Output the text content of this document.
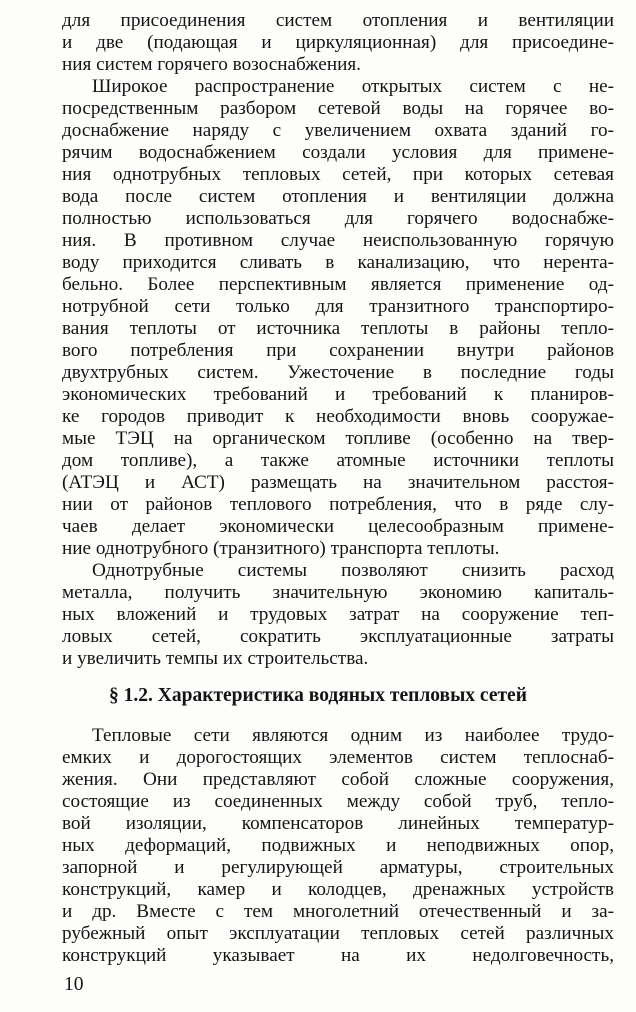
для присоединения систем отопления и вентиляции
и две (подающая и циркуляционная) для присоедине-
ния систем горячего возоснабжения.
Широкое распространение открытых систем с не-
посредственным разбором сетевой воды на горячее во-
доснабжение наряду с увеличением охвата зданий го-
рячим водоснабжением создали условия для примене-
ния однотрубных тепловых сетей, при которых сетевая
вода после систем отопления и вентиляции должна
полностью использоваться для горячего водоснабже-
ния. В противном случае неиспользованную горячую
воду приходится сливать в канализацию, что нерента-
бельно. Более перспективным является применение од-
нотрубной сети только для транзитного транспортиро-
вания теплоты от источника теплоты в районы тепло-
вого потребления при сохранении внутри районов
двухтрубных систем. Ужесточение в последние годы
экономических требований и требований к планиров-
ке городов приводит к необходимости вновь сооружае-
мые ТЭЦ на органическом топливе (особенно на твер-
дом топливе), а также атомные источники теплоты
(АТЭЦ и АСТ) размещать на значительном расстоя-
нии от районов теплового потребления, что в ряде слу-
чаев делает экономически целесообразным примене-
ние однотрубного (транзитного) транспорта теплоты.
Однотрубные системы позволяют снизить расход
металла, получить значительную экономию капиталь-
ных вложений и трудовых затрат на сооружение теп-
ловых сетей, сократить эксплуатационные затраты
и увеличить темпы их строительства.
§ 1.2. Характеристика водяных тепловых сетей
Тепловые сети являются одним из наиболее трудо-
емких и дорогостоящих элементов систем теплоснаб-
жения. Они представляют собой сложные сооружения,
состоящие из соединенных между собой труб, тепло-
вой изоляции, компенсаторов линейных температур-
ных деформаций, подвижных и неподвижных опор,
запорной и регулирующей арматуры, строительных
конструкций, камер и колодцев, дренажных устройств
и др. Вместе с тем многолетний отечественный и за-
рубежный опыт эксплуатации тепловых сетей различных
конструкций указывает на их недолговечность,
10
